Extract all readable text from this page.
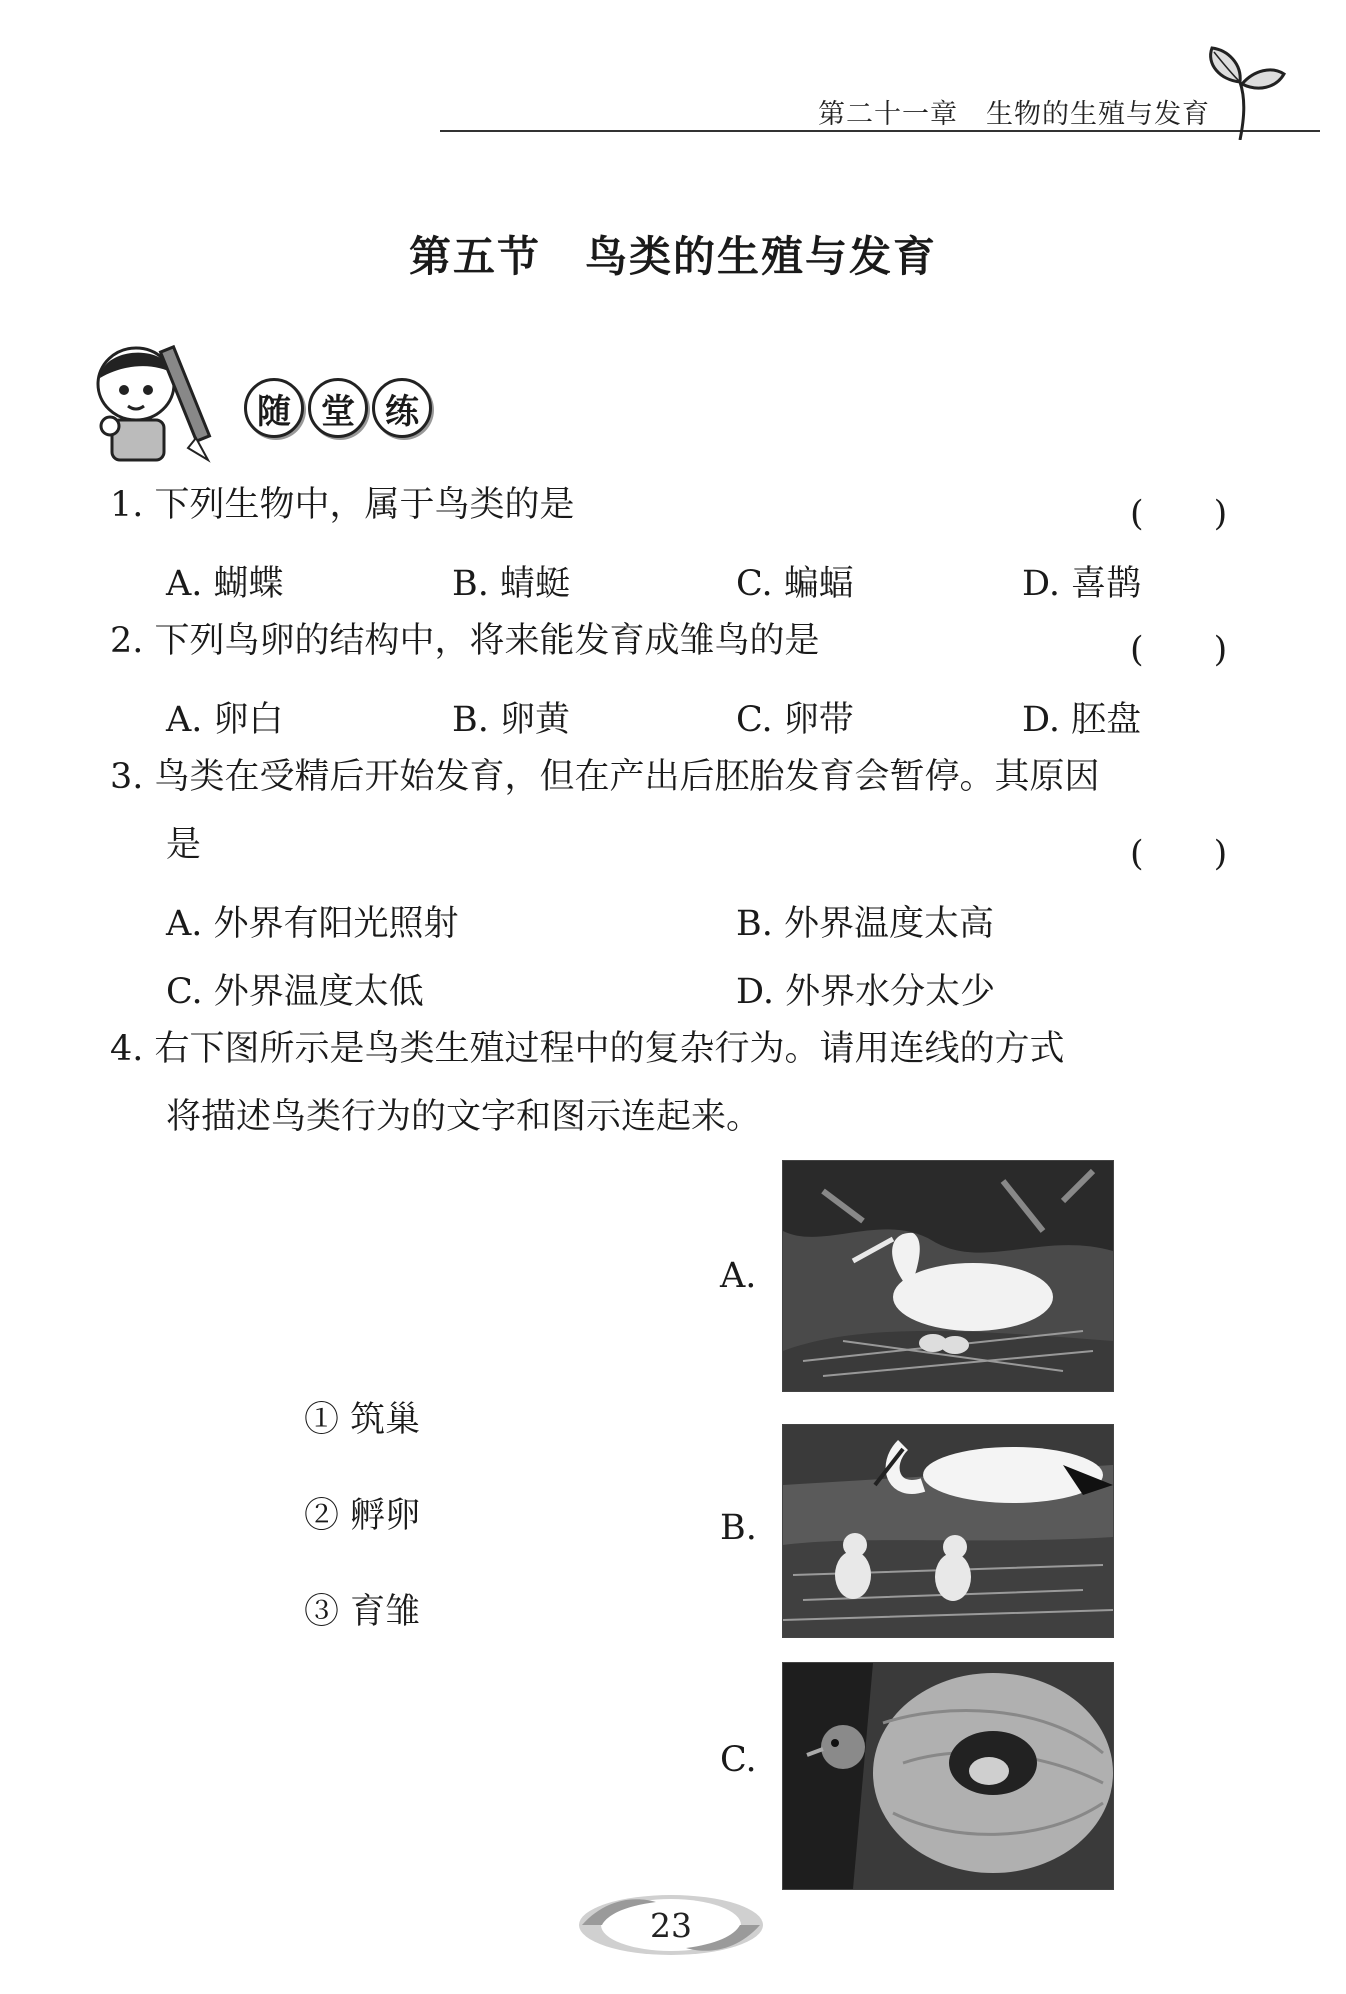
第二十一章　生物的生殖与发育
第五节　鸟类的生殖与发育
随 堂 练
1. 下列生物中，属于鸟类的是	(　　)
A. 蝴蝶	B. 蜻蜓	C. 蝙蝠	D. 喜鹊
2. 下列鸟卵的结构中，将来能发育成雏鸟的是	(　　)
A. 卵白	B. 卵黄	C. 卵带	D. 胚盘
3. 鸟类在受精后开始发育，但在产出后胚胎发育会暂停。其原因
是	(　　)
A. 外界有阳光照射	B. 外界温度太高
C. 外界温度太低	D. 外界水分太少
4. 右下图所示是鸟类生殖过程中的复杂行为。请用连线的方式
将描述鸟类行为的文字和图示连起来。
① 筑巢
② 孵卵
③ 育雏
A.
B.
C.
23
